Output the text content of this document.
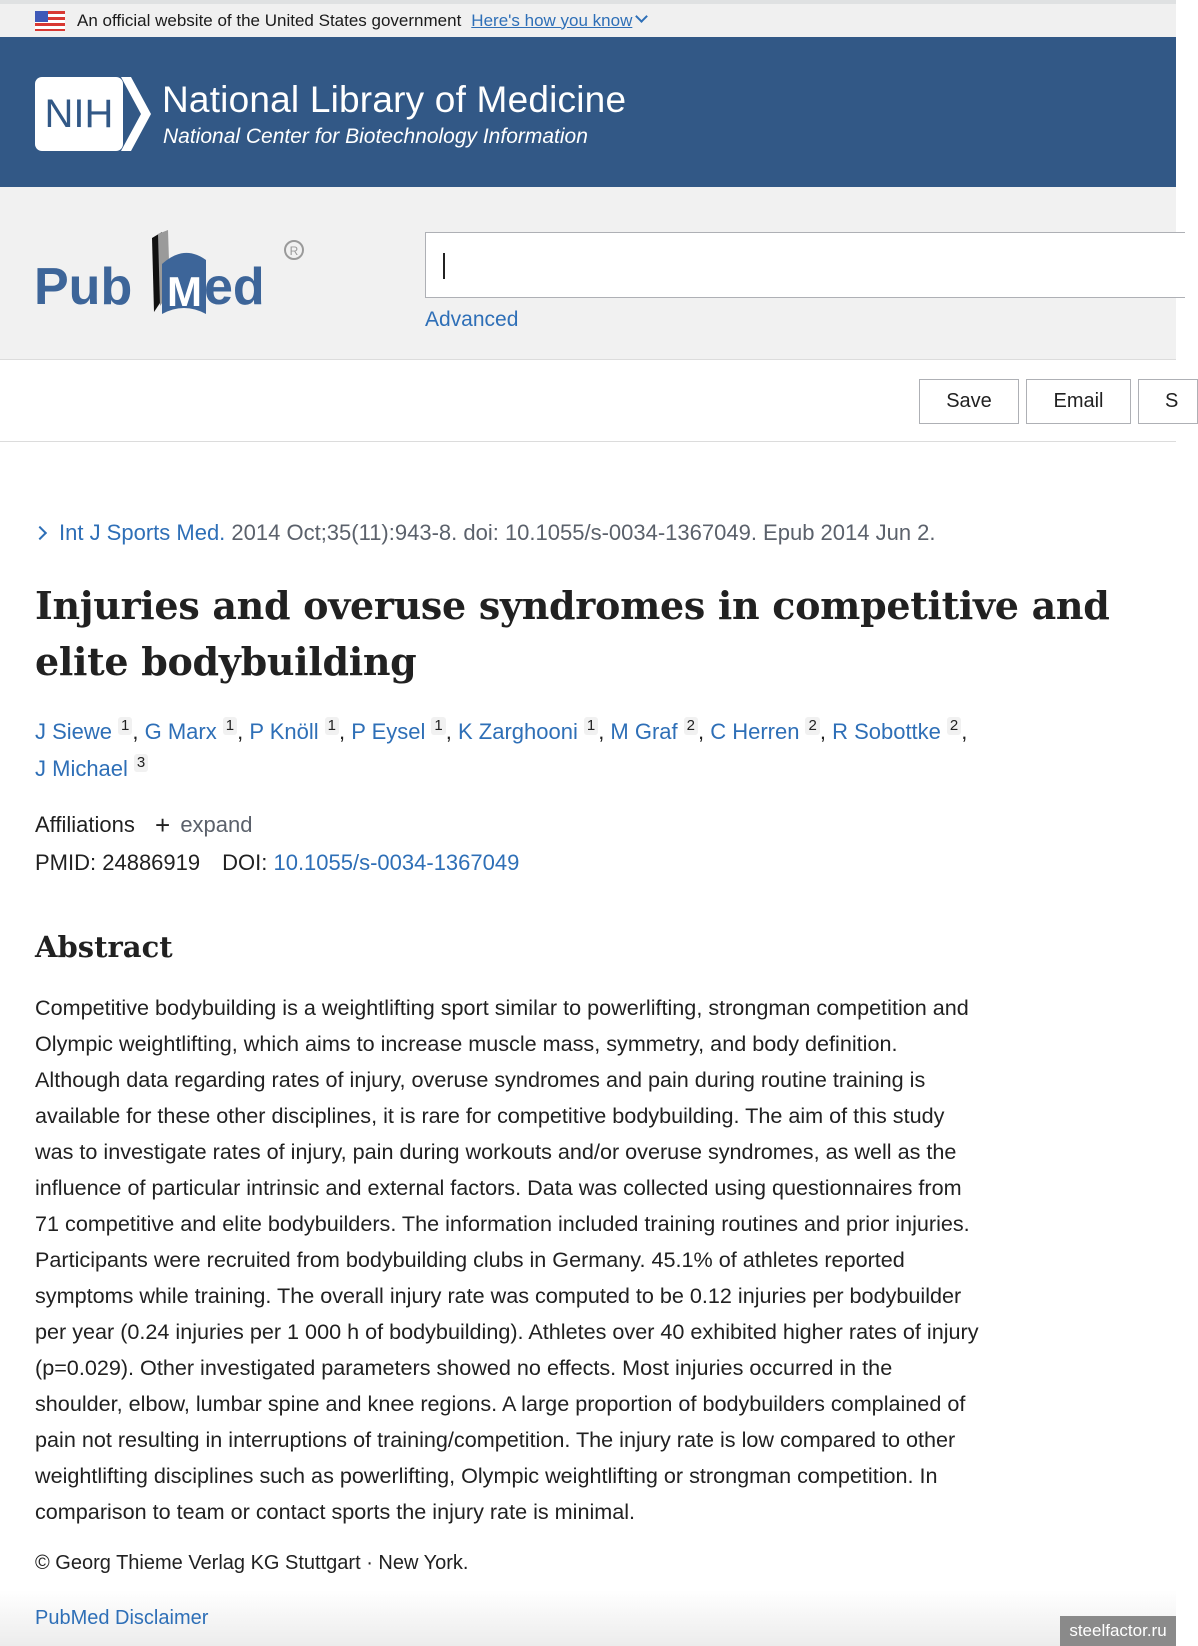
An official website of the United States government Here's how you know
NIH National Library of Medicine
National Center for Biotechnology Information
Pub M ed
R
Advanced
Save	Email	S
Int J Sports Med. 2014 Oct;35(11):943-8. doi: 10.1055/s-0034-1367049. Epub 2014 Jun 2.
Injuries and overuse syndromes in competitive and elite bodybuilding
J Siewe 1 , G Marx 1 , P Knöll 1 , P Eysel 1 , K Zarghooni 1 , M Graf 2 , C Herren 2 , R Sobottke 2 ,
J Michael 3
Affiliations + expand
PMID: 24886919 DOI: 10.1055/s-0034-1367049
Abstract
Competitive bodybuilding is a weightlifting sport similar to powerlifting, strongman competition and
Olympic weightlifting, which aims to increase muscle mass, symmetry, and body definition.
Although data regarding rates of injury, overuse syndromes and pain during routine training is
available for these other disciplines, it is rare for competitive bodybuilding. The aim of this study
was to investigate rates of injury, pain during workouts and/or overuse syndromes, as well as the
influence of particular intrinsic and external factors. Data was collected using questionnaires from
71 competitive and elite bodybuilders. The information included training routines and prior injuries.
Participants were recruited from bodybuilding clubs in Germany. 45.1% of athletes reported
symptoms while training. The overall injury rate was computed to be 0.12 injuries per bodybuilder
per year (0.24 injuries per 1 000 h of bodybuilding). Athletes over 40 exhibited higher rates of injury
(p=0.029). Other investigated parameters showed no effects. Most injuries occurred in the
shoulder, elbow, lumbar spine and knee regions. A large proportion of bodybuilders complained of
pain not resulting in interruptions of training/competition. The injury rate is low compared to other
weightlifting disciplines such as powerlifting, Olympic weightlifting or strongman competition. In
comparison to team or contact sports the injury rate is minimal.
© Georg Thieme Verlag KG Stuttgart · New York.
PubMed Disclaimer
steelfactor.ru
